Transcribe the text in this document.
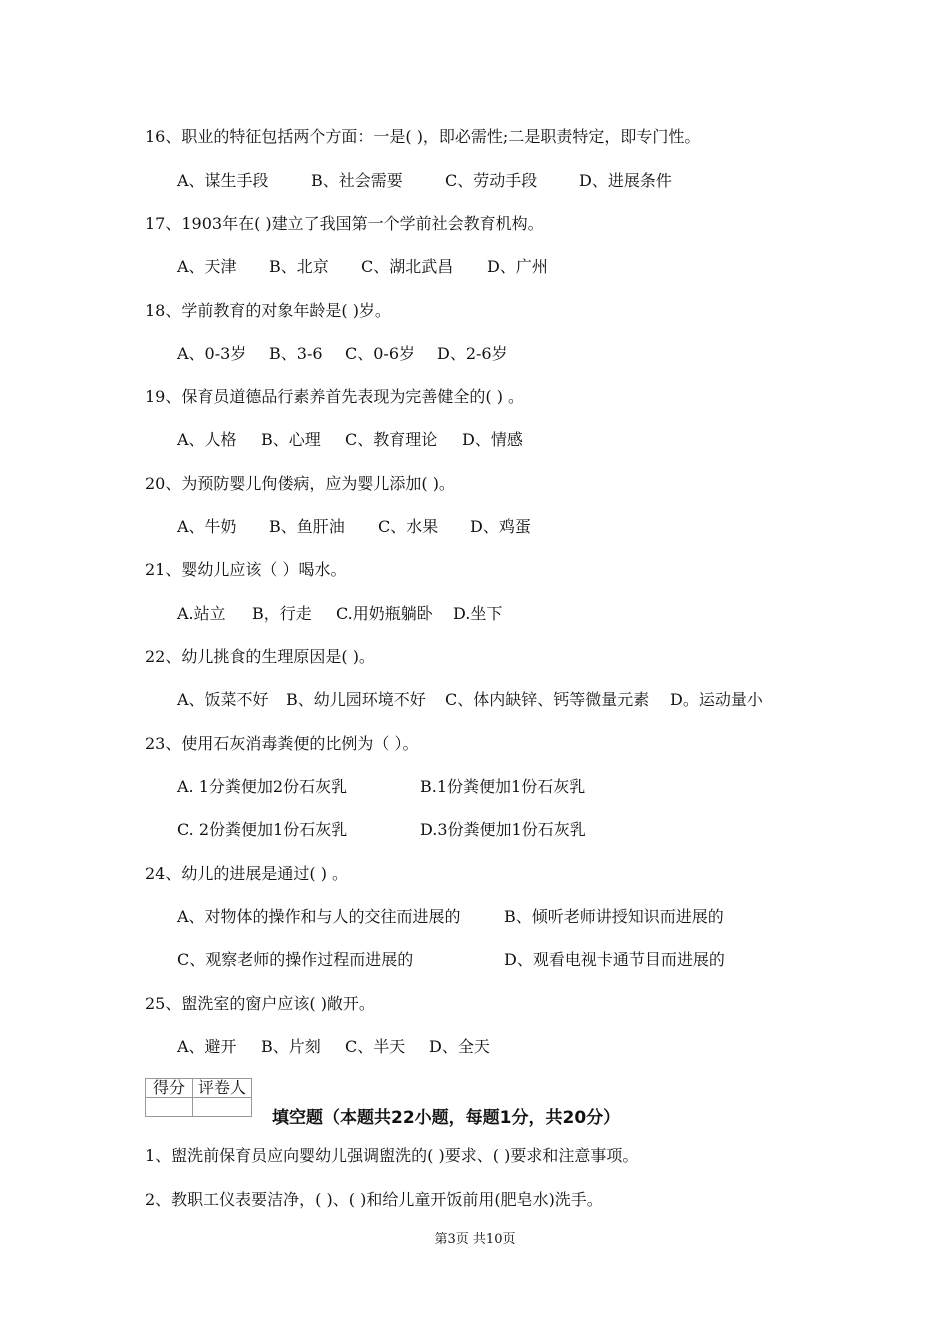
16、职业的特征包括两个方面：一是( )，即必需性;二是职责特定，即专门性。
A、谋生手段	B、社会需要	C、劳动手段	D、进展条件
17、1903年在( )建立了我国第一个学前社会教育机构。
A、天津 B、北京 C、湖北武昌 D、广州
18、学前教育的对象年龄是( )岁。
A、0-3岁 B、3-6 C、0-6岁 D、2-6岁
19、保育员道德品行素养首先表现为完善健全的( ) 。
A、人格 B、心理 C、教育理论 D、情感
20、为预防婴儿佝偻病，应为婴儿添加( )。
A、牛奶 B、鱼肝油 C、水果 D、鸡蛋
21、婴幼儿应该（ ）喝水。
A.站立 B，行走 C.用奶瓶躺卧 D.坐下
22、幼儿挑食的生理原因是( )。
A、饭菜不好 B、幼儿园环境不好 C、体内缺锌、钙等微量元素 D。运动量小
23、使用石灰消毒粪便的比例为（ ）。
A. 1分粪便加2份石灰乳	B.1份粪便加1份石灰乳
C. 2份粪便加1份石灰乳	D.3份粪便加1份石灰乳
24、幼儿的进展是通过( ) 。
A、对物体的操作和与人的交往而进展的	B、倾听老师讲授知识而进展的
C、观察老师的操作过程而进展的	D、观看电视卡通节目而进展的
25、盥洗室的窗户应该( )敞开。
A、避开 B、片刻 C、半天 D、全天
得分	评卷人

填空题（本题共22小题，每题1分，共20分）
1、盥洗前保育员应向婴幼儿强调盥洗的( )要求、( )要求和注意事项。
2、教职工仪表要洁净，( )、( )和给儿童开饭前用(肥皂水)洗手。
第3页 共10页
